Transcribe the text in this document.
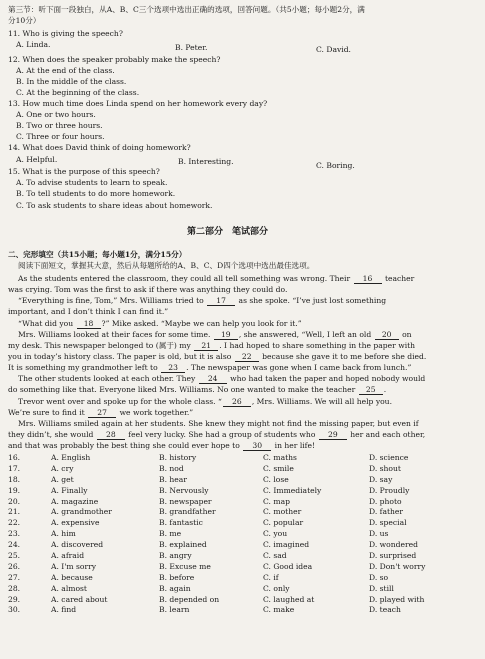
第三节：听下面一段独白，从A、B、C三个选项中选出正确的选项，回答问题。（共5小题；每小题2分，满
分10分）
11. Who is giving the speech?
A. Linda.	B. Peter.	C. David.
12. When does the speaker probably make the speech?
A. At the end of the class.
B. In the middle of the class.
C. At the beginning of the class.
13. How much time does Linda spend on her homework every day?
A. One or two hours.
B. Two or three hours.
C. Three or four hours.
14. What does David think of doing homework?
A. Helpful.	B. Interesting.	C. Boring.
15. What is the purpose of this speech?
A. To advise students to learn to speak.
B. To tell students to do more homework.
C. To ask students to share ideas about homework.
第二部分　笔试部分
二、完形填空（共15小题；每小题1分，满分15分）
阅读下面短文，掌握其大意，然后从每题所给的A、B、C、D四个选项中选出最佳选项。
As the students entered the classroom, they could all tell something was wrong. Their 16 teacher
was crying. Tom was the first to ask if there was anything they could do.
“Everything is fine, Tom,” Mrs. Williams tried to 17 as she spoke. “I’ve just lost something
important, and I don’t think I can find it.”
“What did you 18 ?” Mike asked. “Maybe we can help you look for it.”
Mrs. Williams looked at their faces for some time. 19 , she answered, “Well, I left an old 20 on
my desk. This newspaper belonged to (属于) my 21 . I had hoped to share something in the paper with
you in today’s history class. The paper is old, but it is also 22 because she gave it to me before she died.
It is something my grandmother left to 23 . The newspaper was gone when I came back from lunch.”
The other students looked at each other. They 24 who had taken the paper and hoped nobody would
do something like that. Everyone liked Mrs. Williams. No one wanted to make the teacher 25 .
Trevor went over and spoke up for the whole class. “ 26 , Mrs. Williams. We will all help you.
We’re sure to find it 27 we work together.”
Mrs. Williams smiled again at her students. She knew they might not find the missing paper, but even if
they didn’t, she would 28 feel very lucky. She had a group of students who 29 her and each other,
and that was probably the best thing she could ever hope to 30 in her life!
16.	A. English	B. history	C. maths	D. science
17.	A. cry	B. nod	C. smile	D. shout
18.	A. get	B. hear	C. lose	D. say
19.	A. Finally	B. Nervously	C. Immediately	D. Proudly
20.	A. magazine	B. newspaper	C. map	D. photo
21.	A. grandmother	B. grandfather	C. mother	D. father
22.	A. expensive	B. fantastic	C. popular	D. special
23.	A. him	B. me	C. you	D. us
24.	A. discovered	B. explained	C. imagined	D. wondered
25.	A. afraid	B. angry	C. sad	D. surprised
26.	A. I'm sorry	B. Excuse me	C. Good idea	D. Don't worry
27.	A. because	B. before	C. if	D. so
28.	A. almost	B. again	C. only	D. still
29.	A. cared about	B. depended on	C. laughed at	D. played with
30.	A. find	B. learn	C. make	D. teach
